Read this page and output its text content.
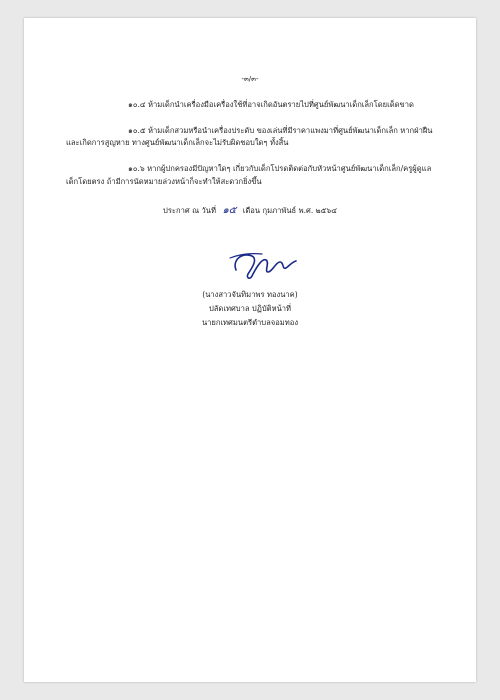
-๓/๓-
๑๐.๔ ห้ามเด็กนำเครื่องมือเครื่องใช้ที่อาจเกิดอันตรายไปที่ศูนย์พัฒนาเด็กเล็กโดยเด็ดขาด
๑๐.๕ ห้ามเด็กสวมหรือนำเครื่องประดับ ของเล่นที่มีราคาแพงมาที่ศูนย์พัฒนาเด็กเล็ก หากฝ่าฝืน
และเกิดการสูญหาย ทางศูนย์พัฒนาเด็กเล็กจะไม่รับผิดชอบใดๆ ทั้งสิ้น
๑๐.๖ หากผู้ปกครองมีปัญหาใดๆ เกี่ยวกับเด็กโปรดติดต่อกับหัวหน้าศูนย์พัฒนาเด็กเล็ก/ครูผู้ดูแล
เด็กโดยตรง ถ้ามีการนัดหมายล่วงหน้าก็จะทำให้สะดวกยิ่งขึ้น
ประกาศ ณ วันที่ ๑๕ เดือน กุมภาพันธ์ พ.ศ. ๒๕๖๔
(นางสาวจันทิมาพร ทองนาค)
ปลัดเทศบาล ปฏิบัติหน้าที่
นายกเทศมนตรีตำบลจอมทอง
